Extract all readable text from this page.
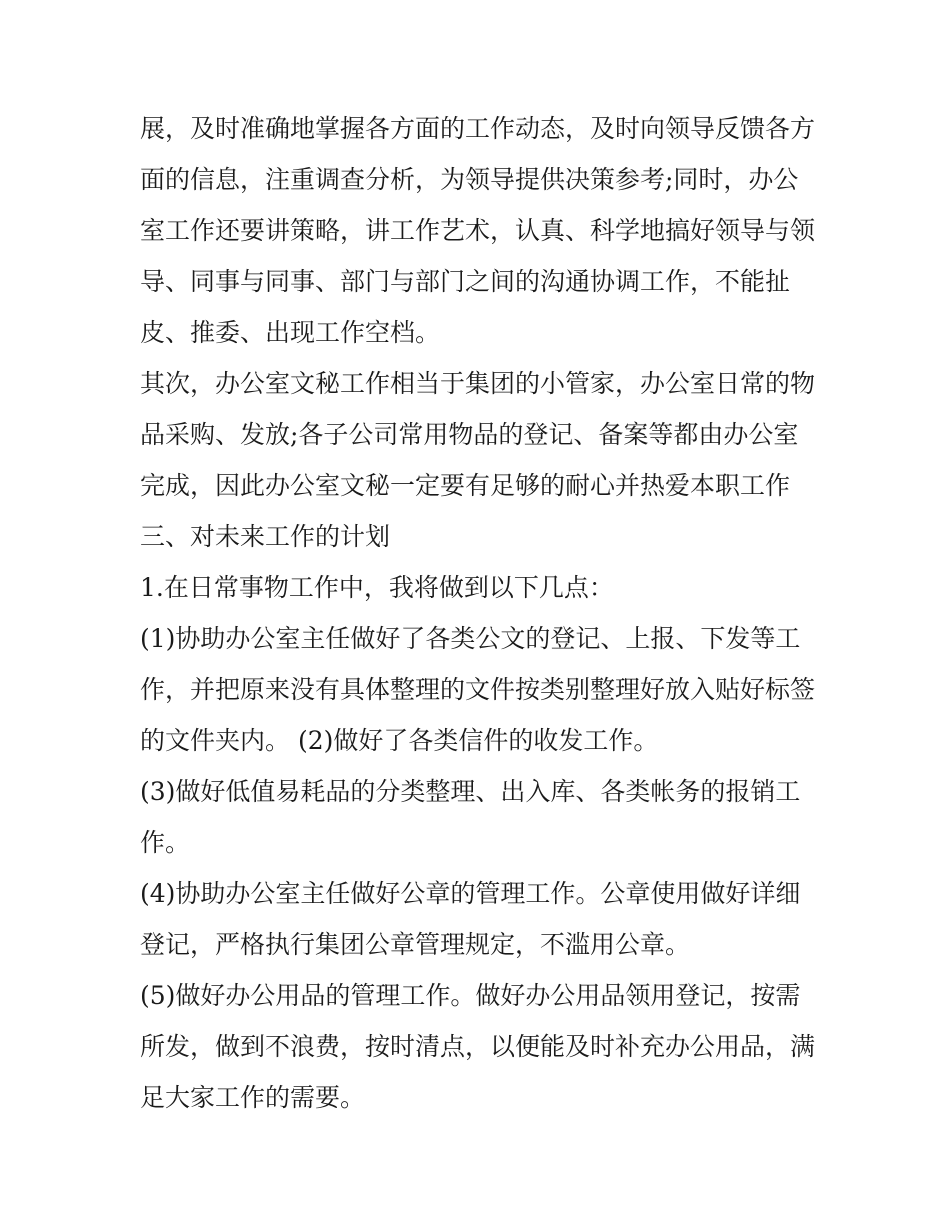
展，及时准确地掌握各方面的工作动态，及时向领导反馈各方
面的信息，注重调查分析，为领导提供决策参考;同时，办公
室工作还要讲策略，讲工作艺术，认真、科学地搞好领导与领
导、同事与同事、部门与部门之间的沟通协调工作，不能扯
皮、推委、出现工作空档。
其次，办公室文秘工作相当于集团的小管家，办公室日常的物
品采购、发放;各子公司常用物品的登记、备案等都由办公室
完成，因此办公室文秘一定要有足够的耐心并热爱本职工作
三、对未来工作的计划
1.在日常事物工作中，我将做到以下几点：
(1)协助办公室主任做好了各类公文的登记、上报、下发等工
作，并把原来没有具体整理的文件按类别整理好放入贴好标签
的文件夹内。 (2)做好了各类信件的收发工作。
(3)做好低值易耗品的分类整理、出入库、各类帐务的报销工
作。
(4)协助办公室主任做好公章的管理工作。公章使用做好详细
登记，严格执行集团公章管理规定，不滥用公章。
(5)做好办公用品的管理工作。做好办公用品领用登记，按需
所发，做到不浪费，按时清点，以便能及时补充办公用品，满
足大家工作的需要。
